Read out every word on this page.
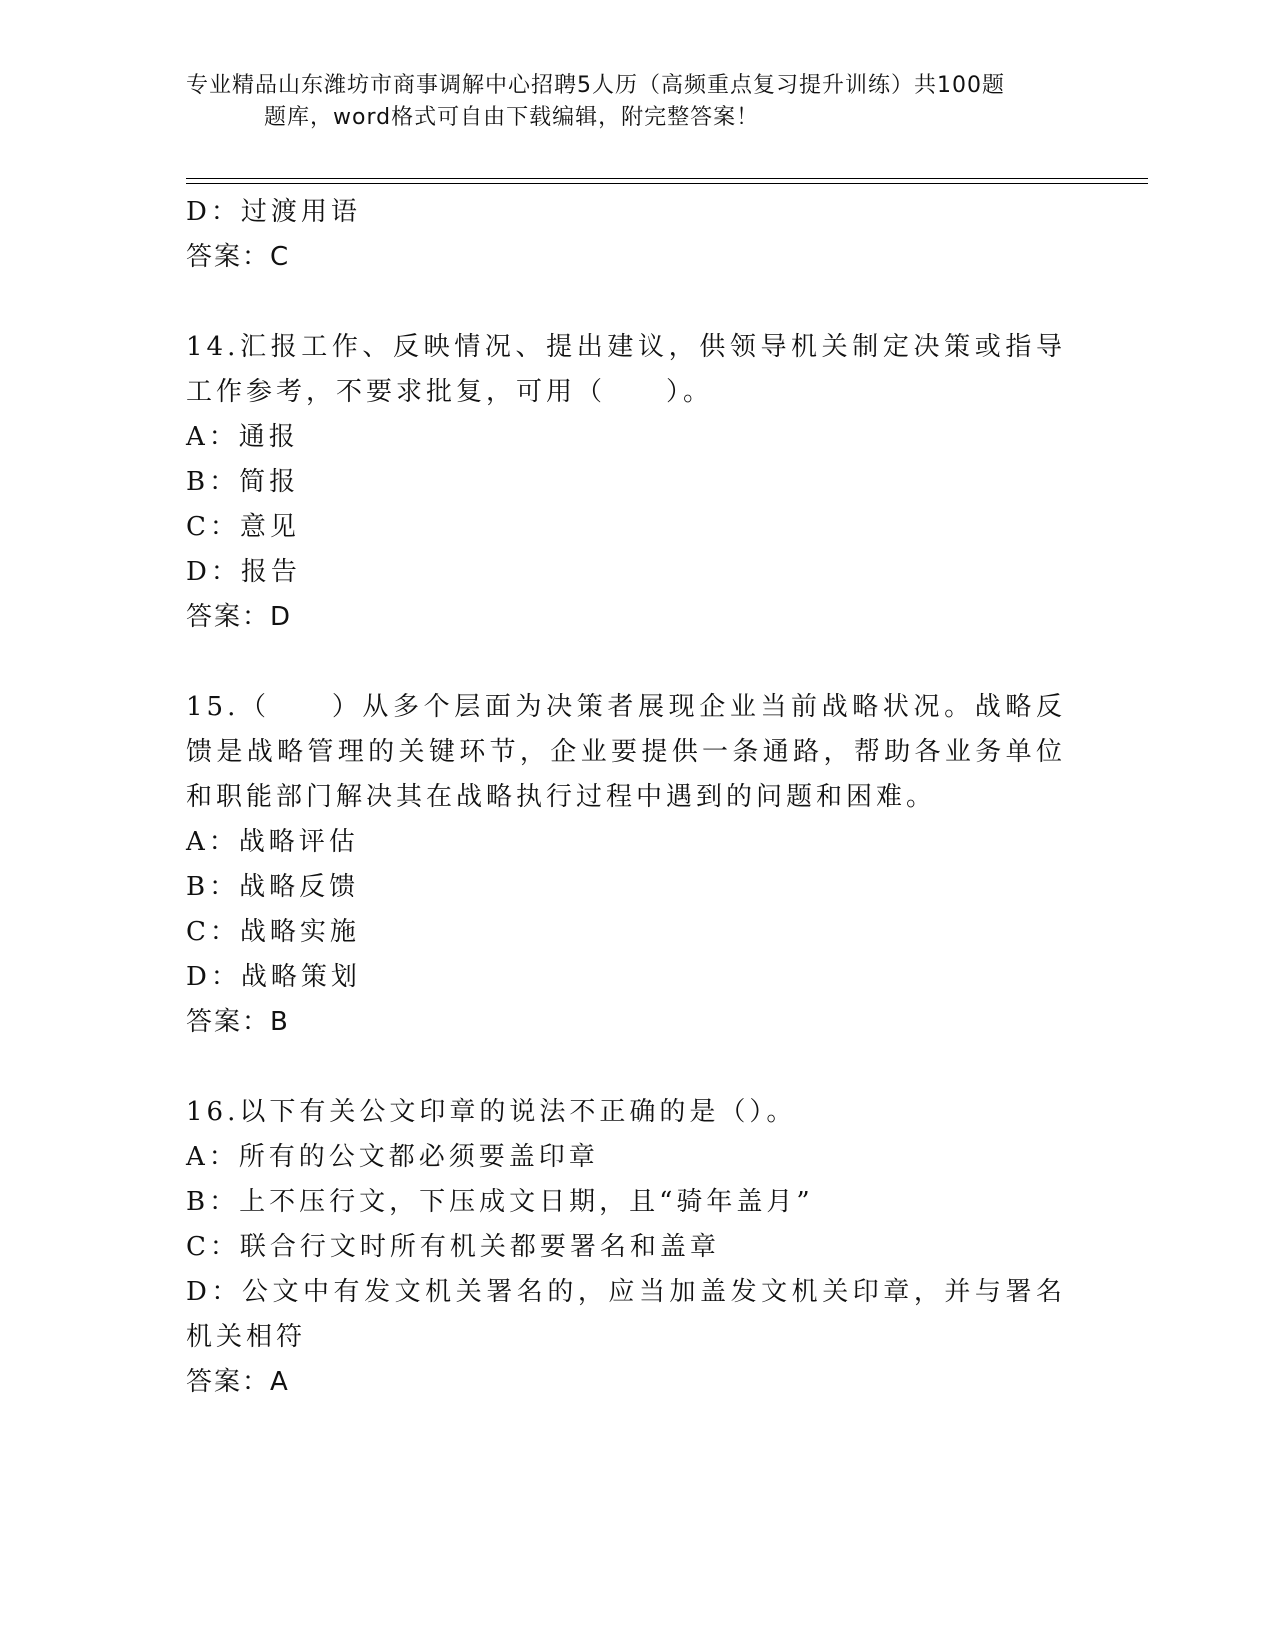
专业精品山东潍坊市商事调解中心招聘5人历（高频重点复习提升训练）共100题
题库，word格式可自由下载编辑，附完整答案！
D：过渡用语
答案：C
14.汇报工作、反映情况、提出建议，供领导机关制定决策或指导工作参考，不要求批复，可用（　　）。
A：通报
B：简报
C：意见
D：报告
答案：D
15.（　　）从多个层面为决策者展现企业当前战略状况。战略反馈是战略管理的关键环节，企业要提供一条通路，帮助各业务单位和职能部门解决其在战略执行过程中遇到的问题和困难。
A：战略评估
B：战略反馈
C：战略实施
D：战略策划
答案：B
16.以下有关公文印章的说法不正确的是（）。
A：所有的公文都必须要盖印章
B：上不压行文，下压成文日期，且“骑年盖月”
C：联合行文时所有机关都要署名和盖章
D：公文中有发文机关署名的，应当加盖发文机关印章，并与署名机关相符
答案：A
